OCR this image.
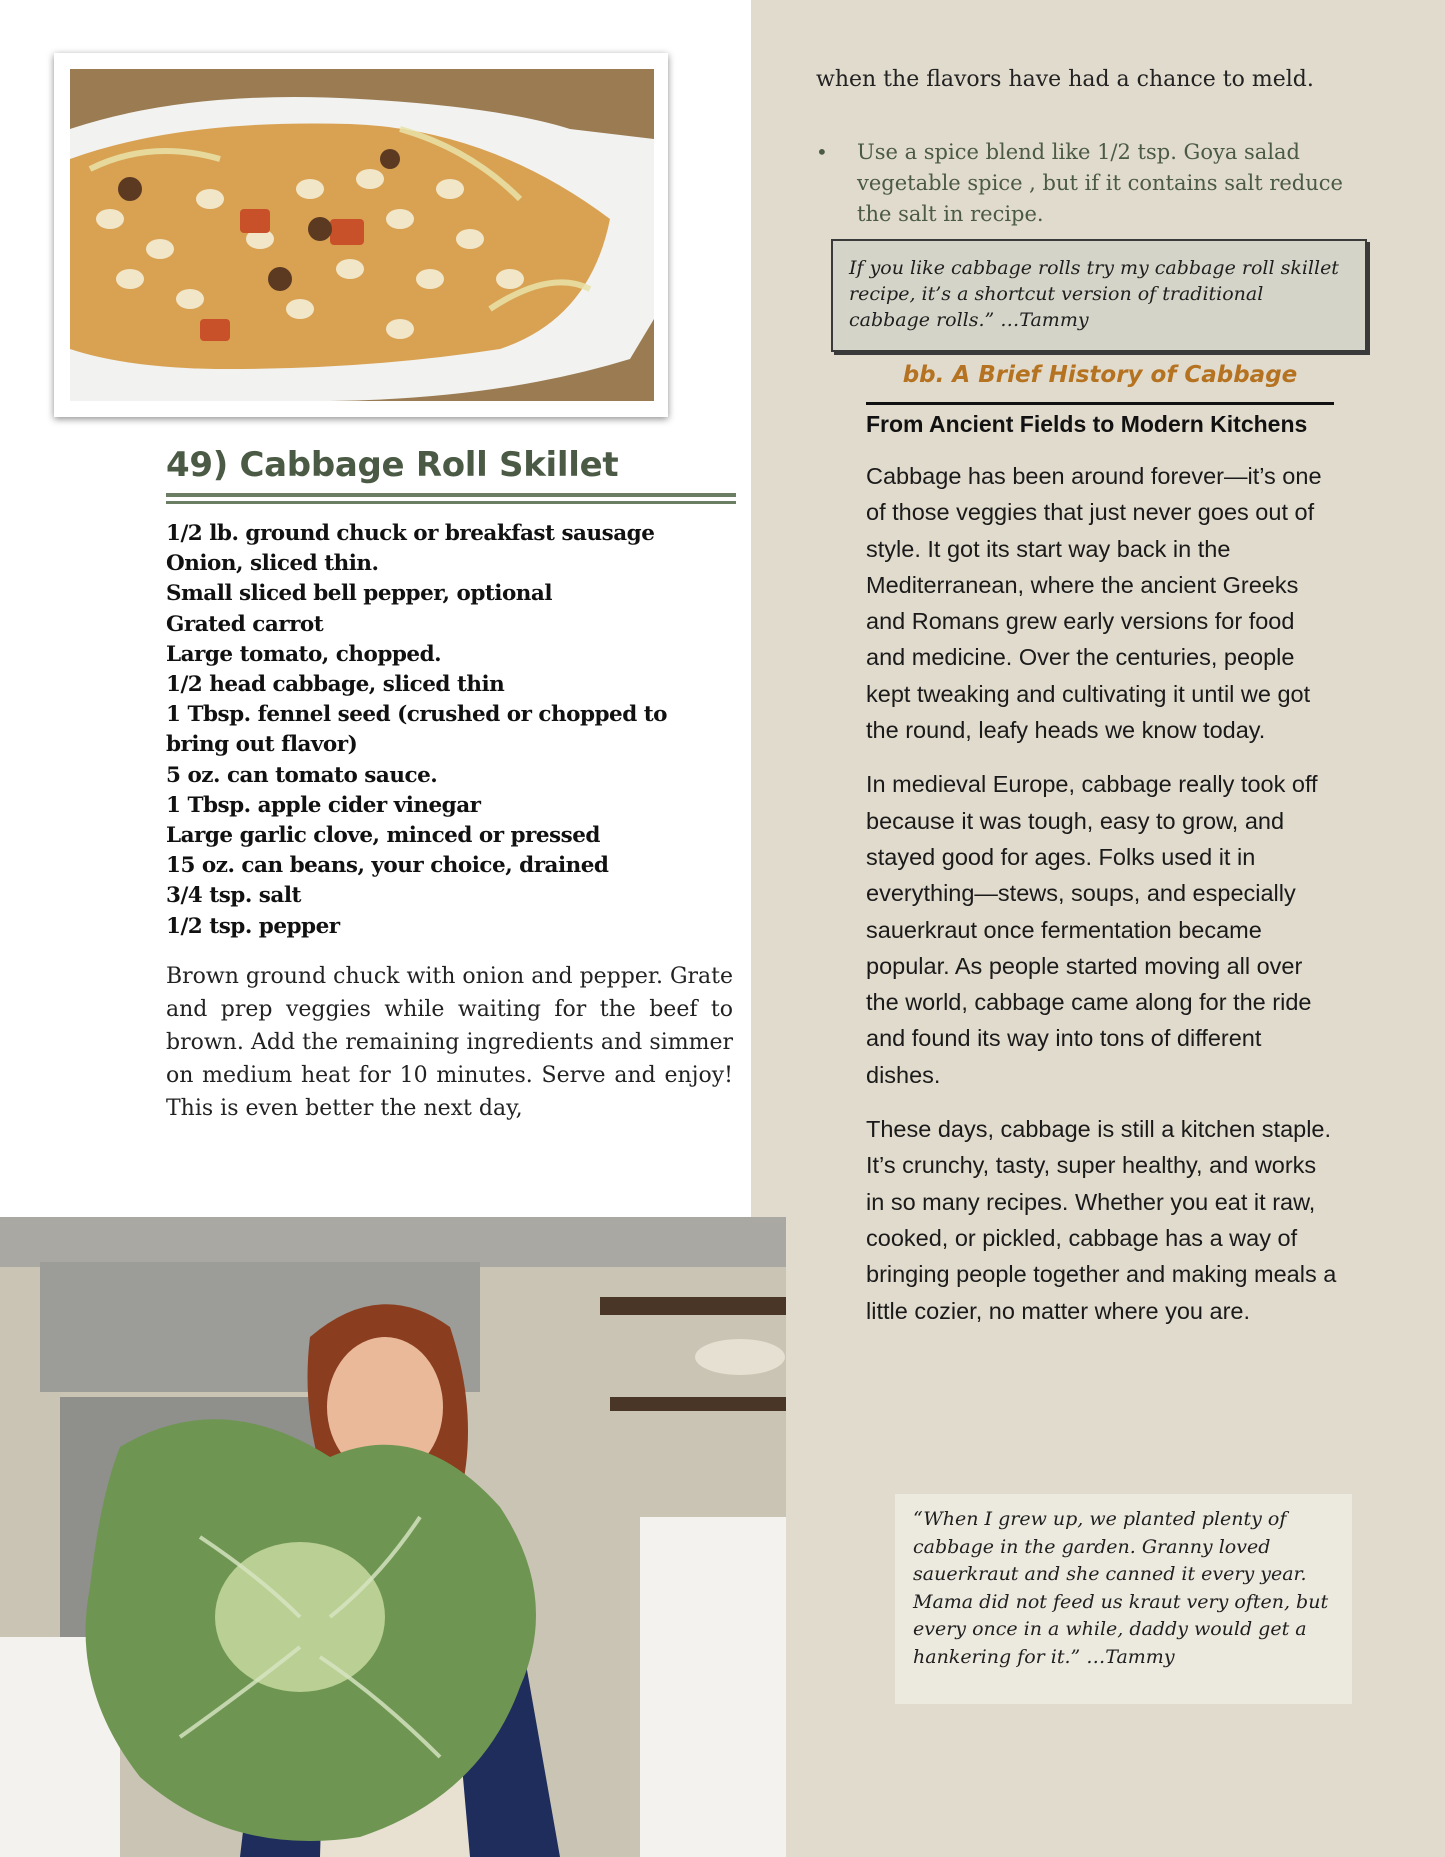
49) Cabbage Roll Skillet
1/2 lb. ground chuck or breakfast sausage
Onion, sliced thin.
Small sliced bell pepper, optional
Grated carrot
Large tomato, chopped.
1/2 head cabbage, sliced thin
1 Tbsp. fennel seed (crushed or chopped to bring out flavor)
5 oz. can tomato sauce.
1 Tbsp. apple cider vinegar
Large garlic clove, minced or pressed
15 oz. can beans, your choice, drained
3/4 tsp. salt
1/2 tsp. pepper

Brown ground chuck with onion and pepper. Grate and prep veggies while waiting for the beef to brown. Add the remaining ingredients and simmer on medium heat for 10 minutes. Serve and enjoy! This is even better the next day,

when the flavors have had a chance to meld.

• Use a spice blend like 1/2 tsp. Goya salad vegetable spice , but if it contains salt reduce the salt in recipe.
If you like cabbage rolls try my cabbage roll skillet recipe, it’s a shortcut version of traditional cabbage rolls.” …Tammy
bb. A Brief History of Cabbage
From Ancient Fields to Modern Kitchens

Cabbage has been around forever—it’s one of those veggies that just never goes out of style. It got its start way back in the Mediterranean, where the ancient Greeks and Romans grew early versions for food and medicine. Over the centuries, people kept tweaking and cultivating it until we got the round, leafy heads we know today.

In medieval Europe, cabbage really took off because it was tough, easy to grow, and stayed good for ages. Folks used it in everything—stews, soups, and especially sauerkraut once fermentation became popular. As people started moving all over the world, cabbage came along for the ride and found its way into tons of different dishes.

These days, cabbage is still a kitchen staple. It’s crunchy, tasty, super healthy, and works in so many recipes. Whether you eat it raw, cooked, or pickled, cabbage has a way of bringing people together and making meals a little cozier, no matter where you are.

“When I grew up, we planted plenty of cabbage in the garden. Granny loved sauerkraut and she canned it every year. Mama did not feed us kraut very often, but every once in a while, daddy would get a hankering for it.” …Tammy
